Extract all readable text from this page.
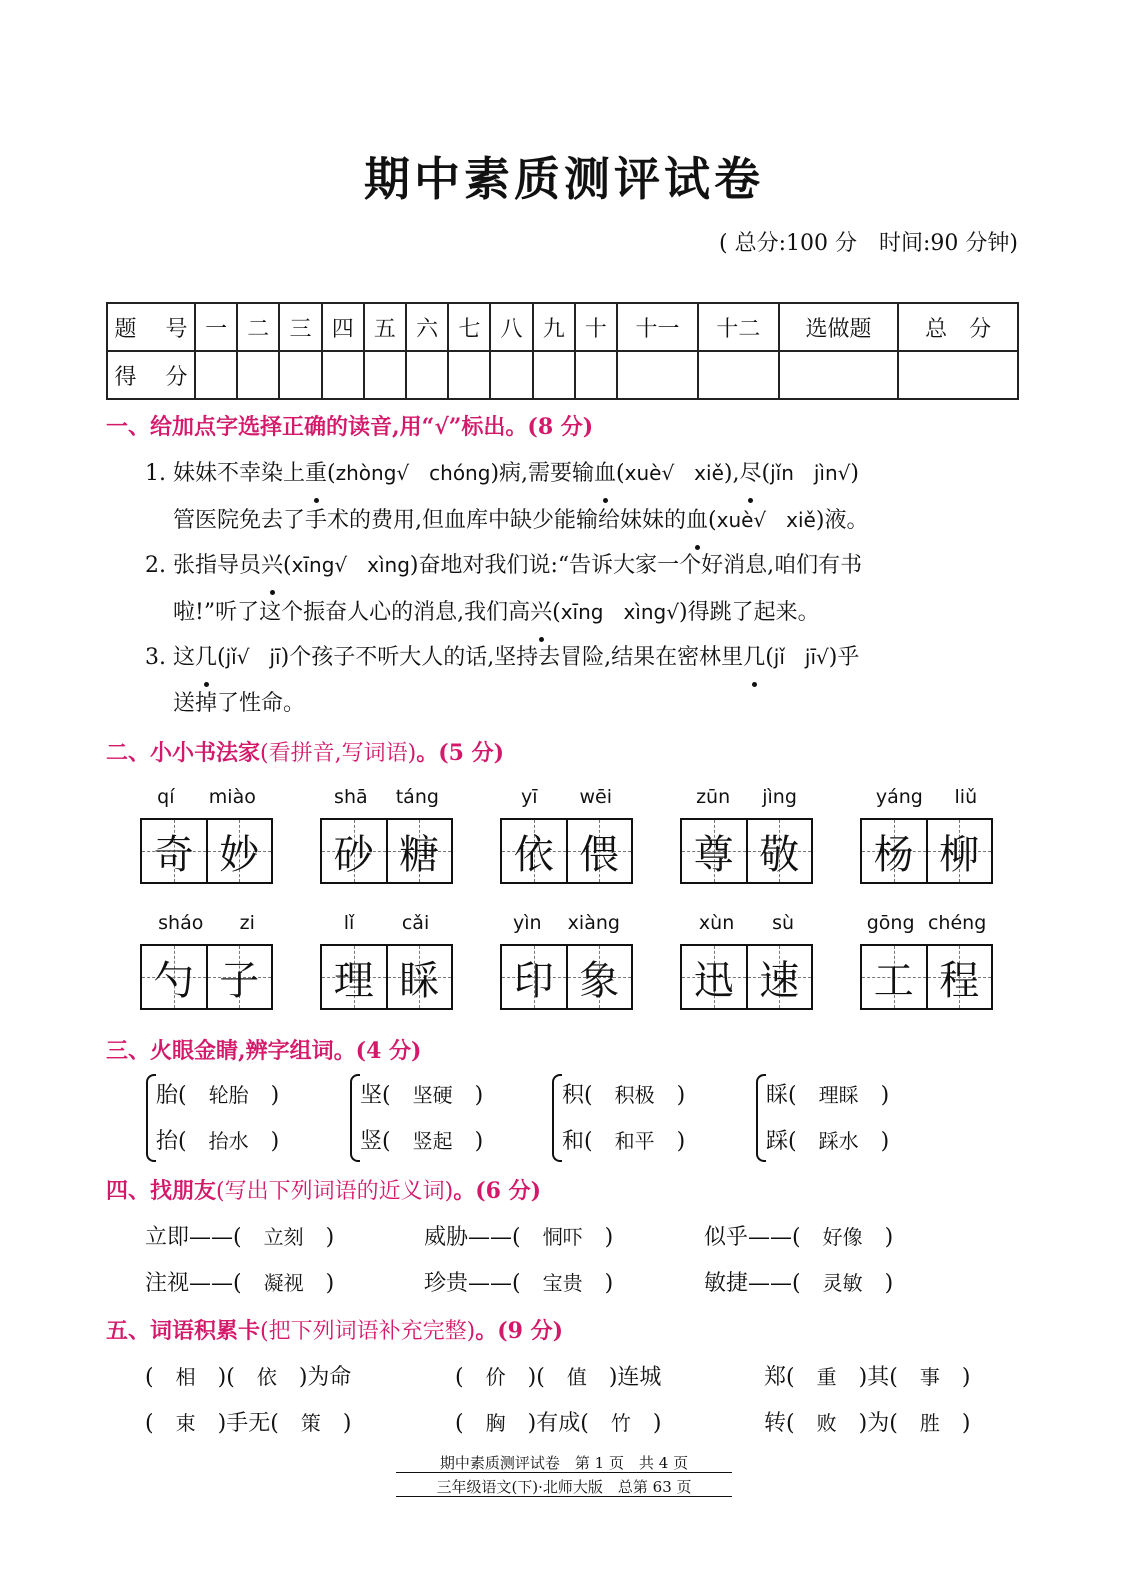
期中素质测评试卷
( 总分:100 分　时间:90 分钟)
题　 号	一	二	三	四	五	六	七	八	九	十	十一	十二	选做题	总　分
得　 分														
一、给加点字选择正确的读音,用“√”标出。(8 分)
1. 妹妹不幸染上重(zhòng√　chóng)病,需要输血(xuè√　xiě),尽(jǐn　jìn√)
管医院免去了手术的费用,但血库中缺少能输给妹妹的血(xuè√　xiě)液。
2. 张指导员兴(xīng√　xìng)奋地对我们说:“告诉大家一个好消息,咱们有书
啦!”听了这个振奋人心的消息,我们高兴(xīng　xìng√)得跳了起来。
3. 这几(jǐ√　jī)个孩子不听大人的话,坚持去冒险,结果在密林里几(jǐ　jī√)乎
送掉了性命。
二、小小书法家(看拼音,写词语)。(5 分)
qí miào
奇 妙
shā táng
砂 糖
yī wēi
依 偎
zūn jìng
尊 敬
yáng liǔ
杨 柳
sháo zi
勺 子
lǐ	cǎi
理 睬
yìn xiàng
印 象
xùn sù
迅 速
gōng chéng
工 程
三、火眼金睛,辨字组词。(4 分)
胎(　 轮胎　 )
抬(　 抬水　 )
坚(　 坚硬　 )
竖(　 竖起　 )
积(　 积极　 )
和(　 和平　 )
睬(　 理睬　 )
踩(　 踩水　 )
四、找朋友(写出下列词语的近义词)。(6 分)
立即——(　 立刻　 )	威胁——(　 恫吓　 )	似乎——(　 好像　 )
注视——(　 凝视　 )	珍贵——(　 宝贵　 )	敏捷——(　 灵敏　 )
五、词语积累卡(把下列词语补充完整)。(9 分)
(　 相　 )(　 依　 )为命	(　 价　 )(　 值　 )连城	郑(　 重　 )其(　 事　 )
(　 束　 )手无(　 策　 )	(　 胸　 )有成(　 竹　 )	转(　 败　 )为(　 胜　 )
期中素质测评试卷　第 1 页　共 4 页
三年级语文(下)·北师大版　总第 63 页
